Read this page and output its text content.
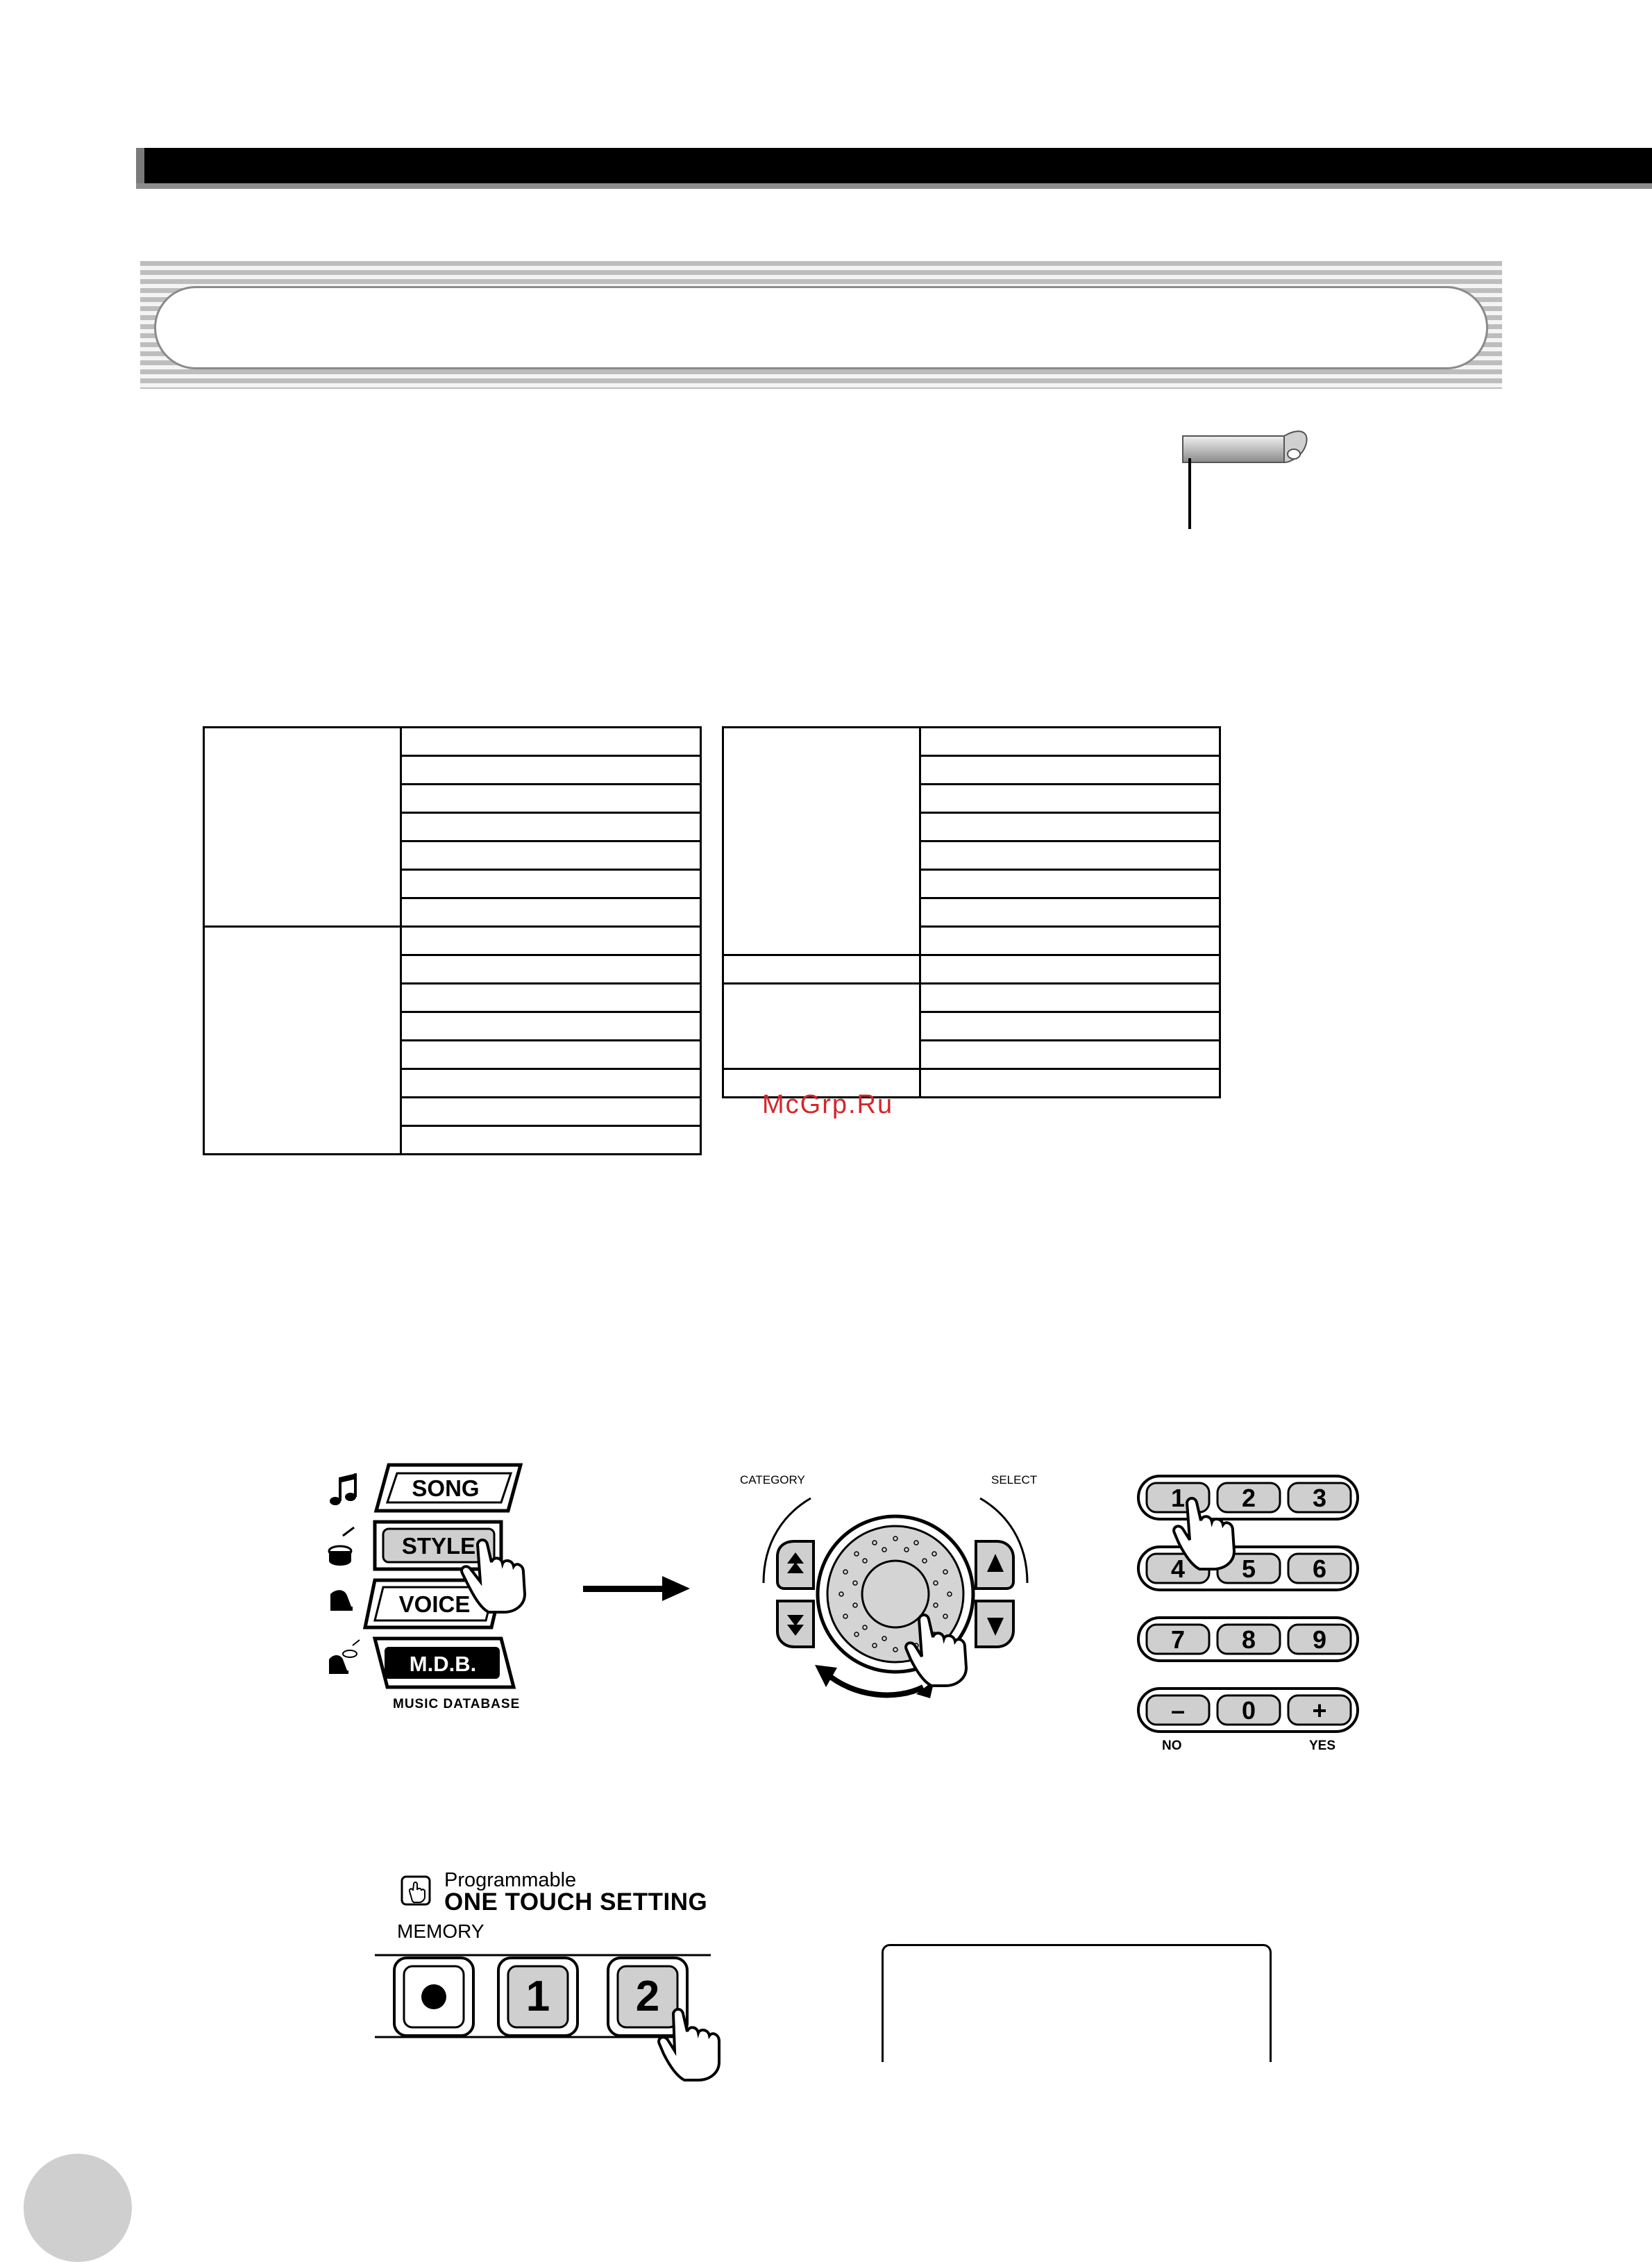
McGrp.Ru
SONG
STYLE
VOICE
M.D.B.
MUSIC DATABASE
CATEGORY	SELECT
1 2 3
4 5 6
7 8 9
– 0 +
NO	YES
Programmable
ONE TOUCH SETTING
MEMORY
1 2
